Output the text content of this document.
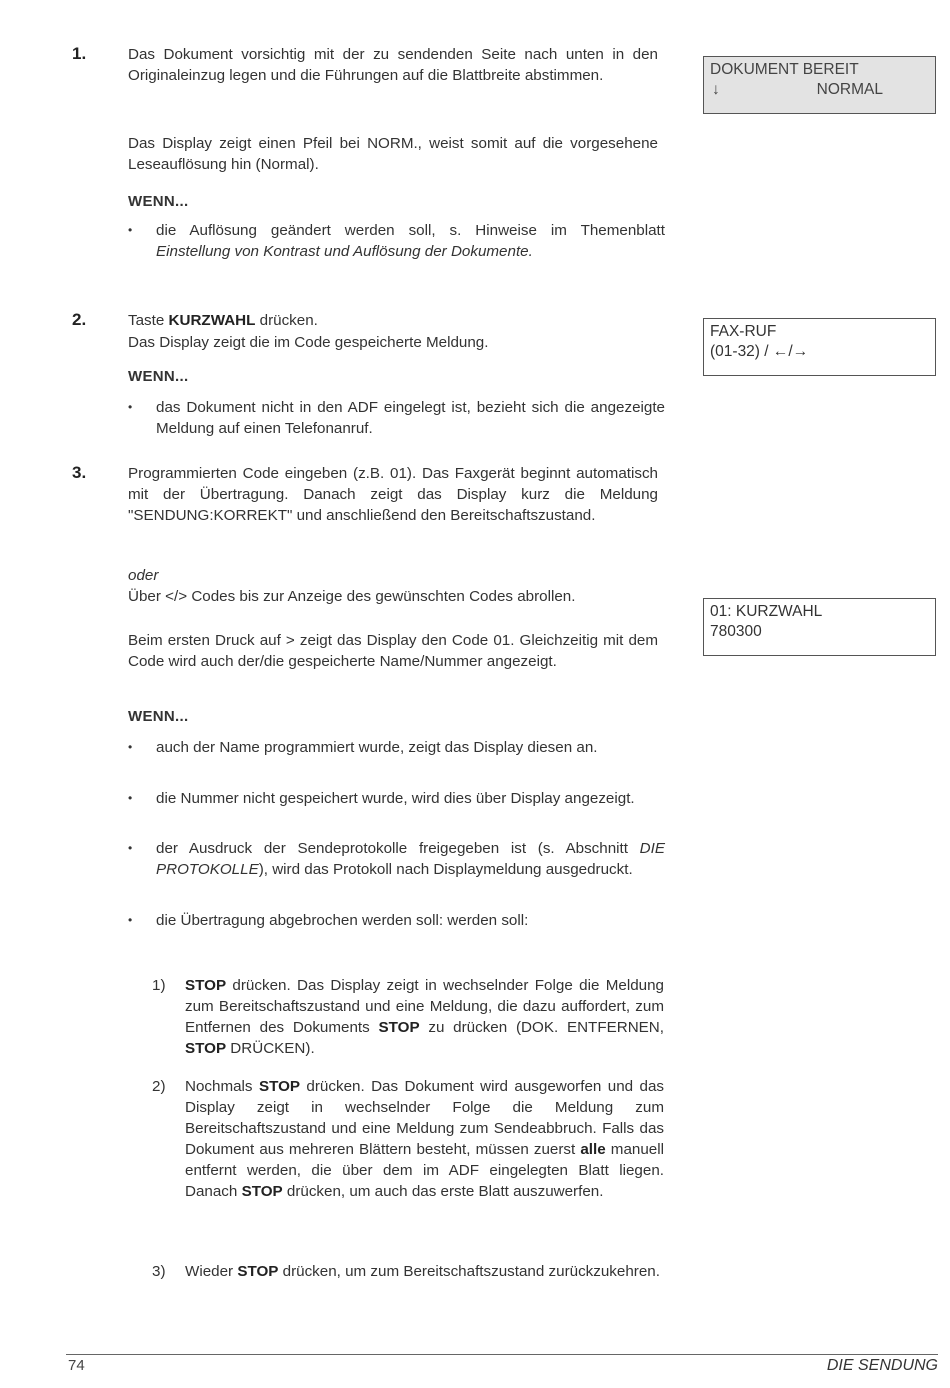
1.	Das Dokument vorsichtig mit der zu sendenden Seite nach unten in den Originaleinzug legen und die Führungen auf die Blattbreite abstimmen.
Das Display zeigt einen Pfeil bei NORM., weist somit auf die vorgesehene Leseauflösung hin (Normal).
WENN...
•	die Auflösung geändert werden soll, s. Hinweise im Themenblatt Einstellung von Kontrast und Auflösung der Dokumente.
DOKUMENT BEREIT
↓	NORMAL
2.	Taste KURZWAHL drücken.
Das Display zeigt die im Code gespeicherte Meldung.
WENN...
•	das Dokument nicht in den ADF eingelegt ist, bezieht sich die angezeigte Meldung auf einen Telefonanruf.
FAX-RUF
(01-32) / ←/→
3.	Programmierten Code eingeben (z.B. 01). Das Faxgerät beginnt automatisch mit der Übertragung. Danach zeigt das Display kurz die Meldung "SENDUNG:KORREKT" und anschließend den Bereitschaftszustand.
oder
Über </> Codes bis zur Anzeige des gewünschten Codes abrollen.
Beim ersten Druck auf > zeigt das Display den Code 01. Gleichzeitig mit dem Code wird auch der/die gespeicherte Name/Nummer angezeigt.
WENN...
•	auch der Name programmiert wurde, zeigt das Display diesen an.
•	die Nummer nicht gespeichert wurde, wird dies über Display angezeigt.
•	der Ausdruck der Sendeprotokolle freigegeben ist (s. Abschnitt DIE PROTOKOLLE), wird das Protokoll nach Displaymeldung ausgedruckt.
•	die Übertragung abgebrochen werden soll: werden soll:
01: KURZWAHL
780300
1) STOP drücken. Das Display zeigt in wechselnder Folge die Meldung zum Bereitschaftszustand und eine Meldung, die dazu auffordert, zum Entfernen des Dokuments STOP zu drücken (DOK. ENTFERNEN, STOP DRÜCKEN).
2) Nochmals STOP drücken. Das Dokument wird ausgeworfen und das Display zeigt in wechselnder Folge die Meldung zum Bereitschaftszustand und eine Meldung zum Sendeabbruch. Falls das Dokument aus mehreren Blättern besteht, müssen zuerst alle manuell entfernt werden, die über dem im ADF eingelegten Blatt liegen. Danach STOP drücken, um auch das erste Blatt auszuwerfen.
3) Wieder STOP drücken, um zum Bereitschaftszustand zurückzukehren.
74	DIE SENDUNG
